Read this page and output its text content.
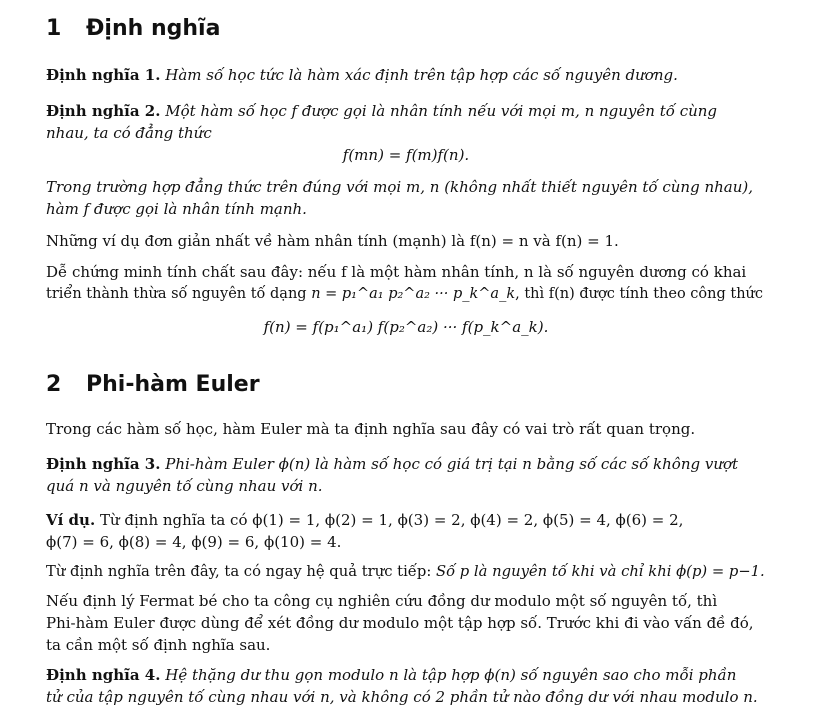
1 Định nghĩa
Định nghĩa 1. Hàm số học tức là hàm xác định trên tập hợp các số nguyên dương.
Định nghĩa 2. Một hàm số học f được gọi là nhân tính nếu với mọi m, n nguyên tố cùng
nhau, ta có đẳng thức
f(mn) = f(m)f(n).
Trong trường hợp đẳng thức trên đúng với mọi m, n (không nhất thiết nguyên tố cùng nhau),
hàm f được gọi là nhân tính mạnh.
Những ví dụ đơn giản nhất về hàm nhân tính (mạnh) là f(n) = n và f(n) = 1.
Dễ chứng minh tính chất sau đây: nếu f là một hàm nhân tính, n là số nguyên dương có khai
triển thành thừa số nguyên tố dạng n = p₁^a₁ p₂^a₂ ··· p_k^a_k, thì f(n) được tính theo công thức
f(n) = f(p₁^a₁) f(p₂^a₂) ··· f(p_k^a_k).
2 Phi-hàm Euler
Trong các hàm số học, hàm Euler mà ta định nghĩa sau đây có vai trò rất quan trọng.
Định nghĩa 3. Phi-hàm Euler ϕ(n) là hàm số học có giá trị tại n bằng số các số không vượt
quá n và nguyên tố cùng nhau với n.
Ví dụ. Từ định nghĩa ta có ϕ(1) = 1, ϕ(2) = 1, ϕ(3) = 2, ϕ(4) = 2, ϕ(5) = 4, ϕ(6) = 2,
ϕ(7) = 6, ϕ(8) = 4, ϕ(9) = 6, ϕ(10) = 4.
Từ định nghĩa trên đây, ta có ngay hệ quả trực tiếp: Số p là nguyên tố khi và chỉ khi ϕ(p) = p−1.
Nếu định lý Fermat bé cho ta công cụ nghiên cứu đồng dư modulo một số nguyên tố, thì
Phi-hàm Euler được dùng để xét đồng dư modulo một tập hợp số. Trước khi đi vào vấn đề đó,
ta cần một số định nghĩa sau.
Định nghĩa 4. Hệ thặng dư thu gọn modulo n là tập hợp ϕ(n) số nguyên sao cho mỗi phần
tử của tập nguyên tố cùng nhau với n, và không có 2 phần tử nào đồng dư với nhau modulo n.
